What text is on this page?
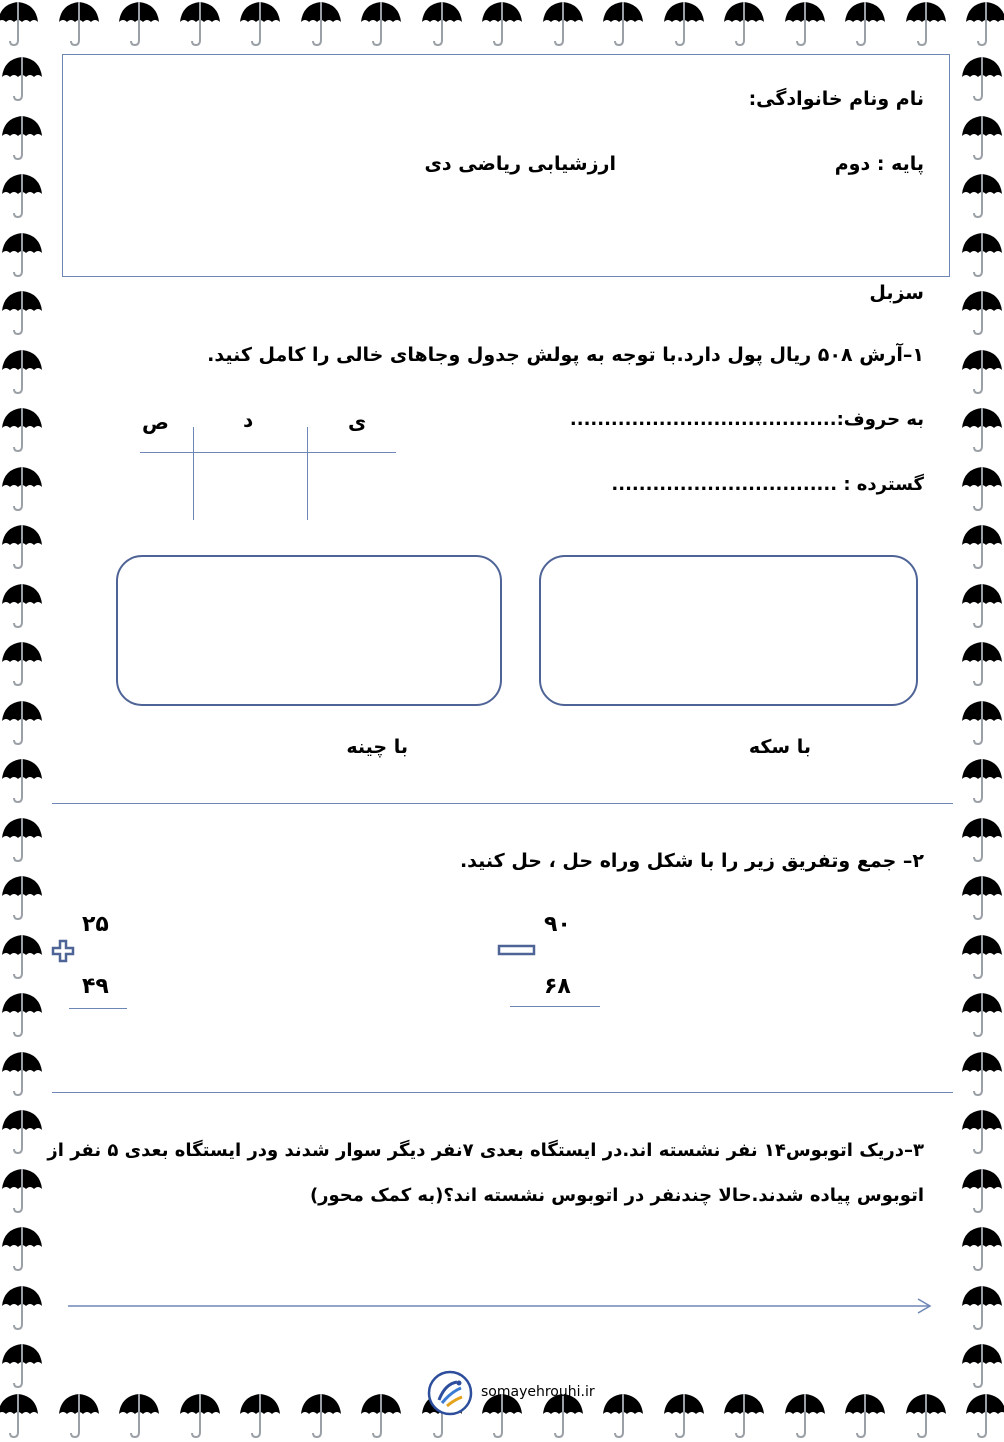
نام ونام خانوادگی:
پایه : دوم
ارزشیابی ریاضی دی
سزبل
۱–آرش ۵۰۸ ریال پول دارد.با توجه به پولش جدول وجاهای خالی را کامل کنید.
به حروف:.......................................
گسترده : .................................
ص	د	ی
با چینه	با سکه
۲– جمع وتفریق زیر را با شکل وراه حل ، حل کنید.
۲۵
۴۹
۹۰
۶۸
۳–دریک اتوبوس۱۴ نفر نشسته اند.در ایستگاه بعدی ۷نفر دیگر سوار شدند ودر ایستگاه بعدی ۵ نفر از
اتوبوس پیاده شدند.حالا چندنفر در اتوبوس نشسته اند؟(به کمک محور)
somayehrouhi.ir
